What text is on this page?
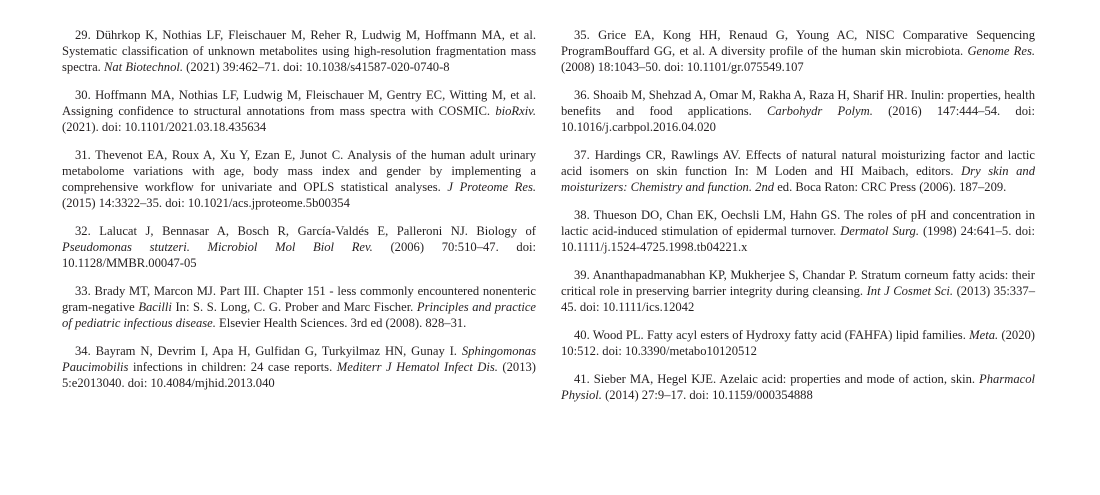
29. Dührkop K, Nothias LF, Fleischauer M, Reher R, Ludwig M, Hoffmann MA, et al. Systematic classification of unknown metabolites using high-resolution fragmentation mass spectra. Nat Biotechnol. (2021) 39:462–71. doi: 10.1038/s41587-020-0740-8

30. Hoffmann MA, Nothias LF, Ludwig M, Fleischauer M, Gentry EC, Witting M, et al. Assigning confidence to structural annotations from mass spectra with COSMIC. bioRxiv. (2021). doi: 10.1101/2021.03.18.435634

31. Thevenot EA, Roux A, Xu Y, Ezan E, Junot C. Analysis of the human adult urinary metabolome variations with age, body mass index and gender by implementing a comprehensive workflow for univariate and OPLS statistical analyses. J Proteome Res. (2015) 14:3322–35. doi: 10.1021/acs.jproteome.5b00354

32. Lalucat J, Bennasar A, Bosch R, García-Valdés E, Palleroni NJ. Biology of Pseudomonas stutzeri. Microbiol Mol Biol Rev. (2006) 70:510–47. doi: 10.1128/MMBR.00047-05

33. Brady MT, Marcon MJ. Part III. Chapter 151 - less commonly encountered nonenteric gram-negative Bacilli In: S. S. Long, C. G. Prober and Marc Fischer. Principles and practice of pediatric infectious disease. Elsevier Health Sciences. 3rd ed (2008). 828–31.

34. Bayram N, Devrim I, Apa H, Gulfidan G, Turkyilmaz HN, Gunay I. Sphingomonas Paucimobilis infections in children: 24 case reports. Mediterr J Hematol Infect Dis. (2013) 5:e2013040. doi: 10.4084/mjhid.2013.040

35. Grice EA, Kong HH, Renaud G, Young AC, NISC Comparative Sequencing ProgramBouffard GG, et al. A diversity profile of the human skin microbiota. Genome Res. (2008) 18:1043–50. doi: 10.1101/gr.075549.107

36. Shoaib M, Shehzad A, Omar M, Rakha A, Raza H, Sharif HR. Inulin: properties, health benefits and food applications. Carbohydr Polym. (2016) 147:444–54. doi: 10.1016/j.carbpol.2016.04.020

37. Hardings CR, Rawlings AV. Effects of natural natural moisturizing factor and lactic acid isomers on skin function In: M Loden and HI Maibach, editors. Dry skin and moisturizers: Chemistry and function. 2nd ed. Boca Raton: CRC Press (2006). 187–209.

38. Thueson DO, Chan EK, Oechsli LM, Hahn GS. The roles of pH and concentration in lactic acid-induced stimulation of epidermal turnover. Dermatol Surg. (1998) 24:641–5. doi: 10.1111/j.1524-4725.1998.tb04221.x

39. Ananthapadmanabhan KP, Mukherjee S, Chandar P. Stratum corneum fatty acids: their critical role in preserving barrier integrity during cleansing. Int J Cosmet Sci. (2013) 35:337–45. doi: 10.1111/ics.12042

40. Wood PL. Fatty acyl esters of Hydroxy fatty acid (FAHFA) lipid families. Meta. (2020) 10:512. doi: 10.3390/metabo10120512

41. Sieber MA, Hegel KJE. Azelaic acid: properties and mode of action, skin. Pharmacol Physiol. (2014) 27:9–17. doi: 10.1159/000354888
